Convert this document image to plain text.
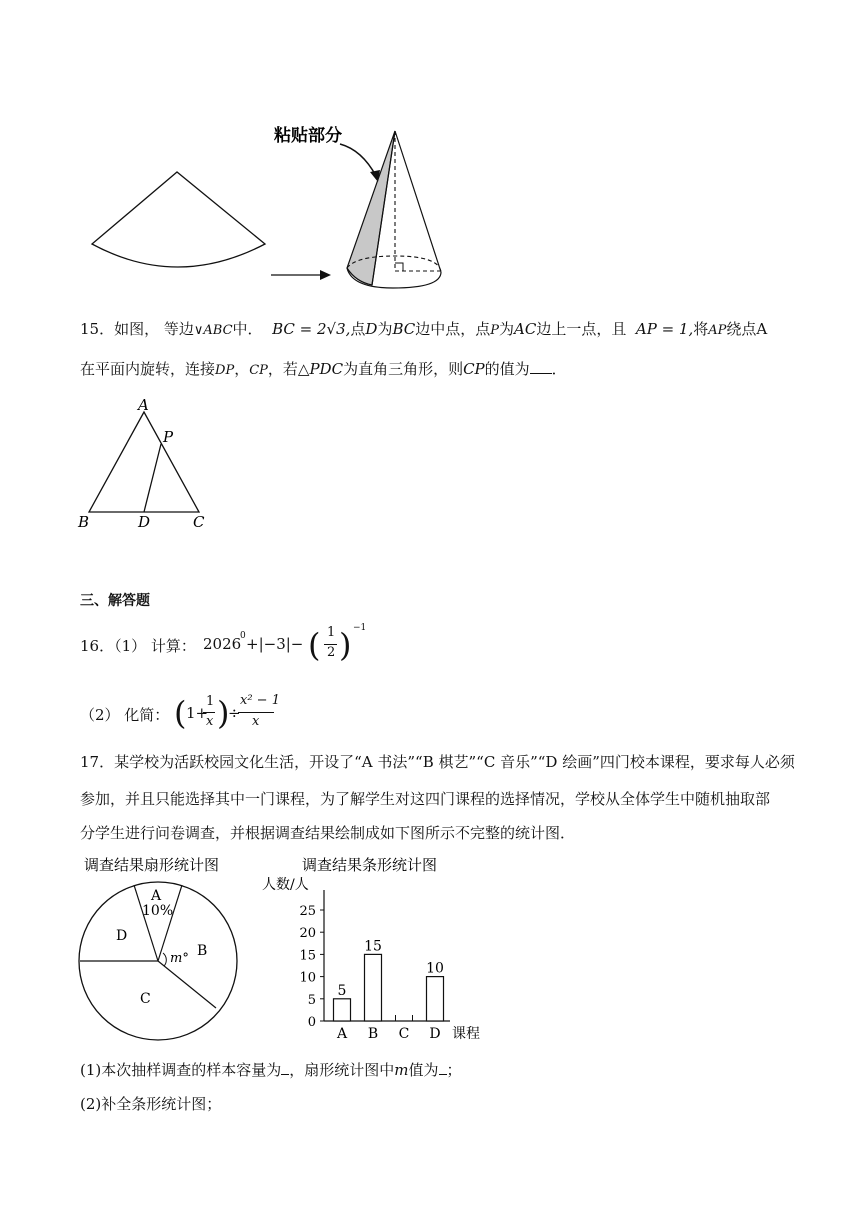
粘贴部分
15．如图， 等边∨ABC中． BC = 2√3,点D为BC边中点，点P为AC边上一点，且 AP = 1,将AP绕点A
在平面内旋转，连接DP，CP，若△PDC为直角三角形，则CP的值为 ．
A
P
B	D	C
三、解答题
16．（1） 计算： 2026
0 +|−3|− ( 1
2 ) −1
（2） 化简： ( 1+
1
x )
÷
x² − 1
x
17．某学校为活跃校园文化生活，开设了“A 书法”“B 棋艺”“C 音乐”“D 绘画”四门校本课程，要求每人必须
参加，并且只能选择其中一门课程，为了解学生对这四门课程的选择情况，学校从全体学生中随机抽取部
分学生进行问卷调查，并根据调查结果绘制成如下图所示不完整的统计图．
调查结果扇形统计图
A
10%
B
m°
C
D
调查结果条形统计图
人数/人
课程
0
5
10
15
20
25
5
A
15
B C
10
D
(1)本次抽样调查的样本容量为 ，扇形统计图中m值为 ；
(2)补全条形统计图；
